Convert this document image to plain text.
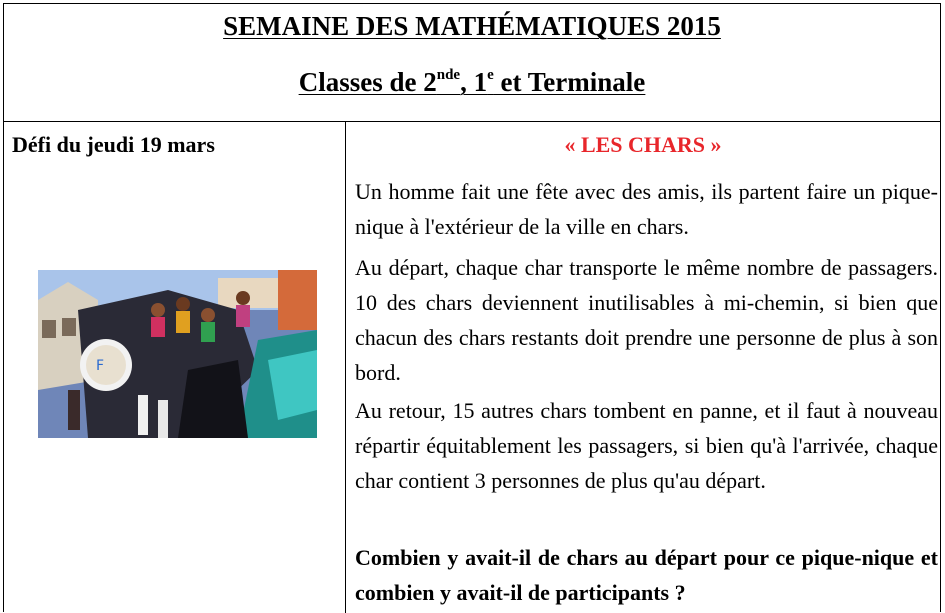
SEMAINE DES MATHÉMATIQUES 2015
Classes de 2nde, 1e et Terminale
Défi du jeudi 19 mars
F
« LES CHARS »
Un homme fait une fête avec des amis, ils partent faire un pique-nique à l'extérieur de la ville en chars.
Au départ, chaque char transporte le même nombre de passagers. 10 des chars deviennent inutilisables à mi-chemin, si bien que chacun des chars restants doit prendre une personne de plus à son bord.
Au retour, 15 autres chars tombent en panne, et il faut à nouveau répartir équitablement les passagers, si bien qu'à l'arrivée, chaque char contient 3 personnes de plus qu'au départ.
Combien y avait-il de chars au départ pour ce pique-nique et combien y avait-il de participants ?
